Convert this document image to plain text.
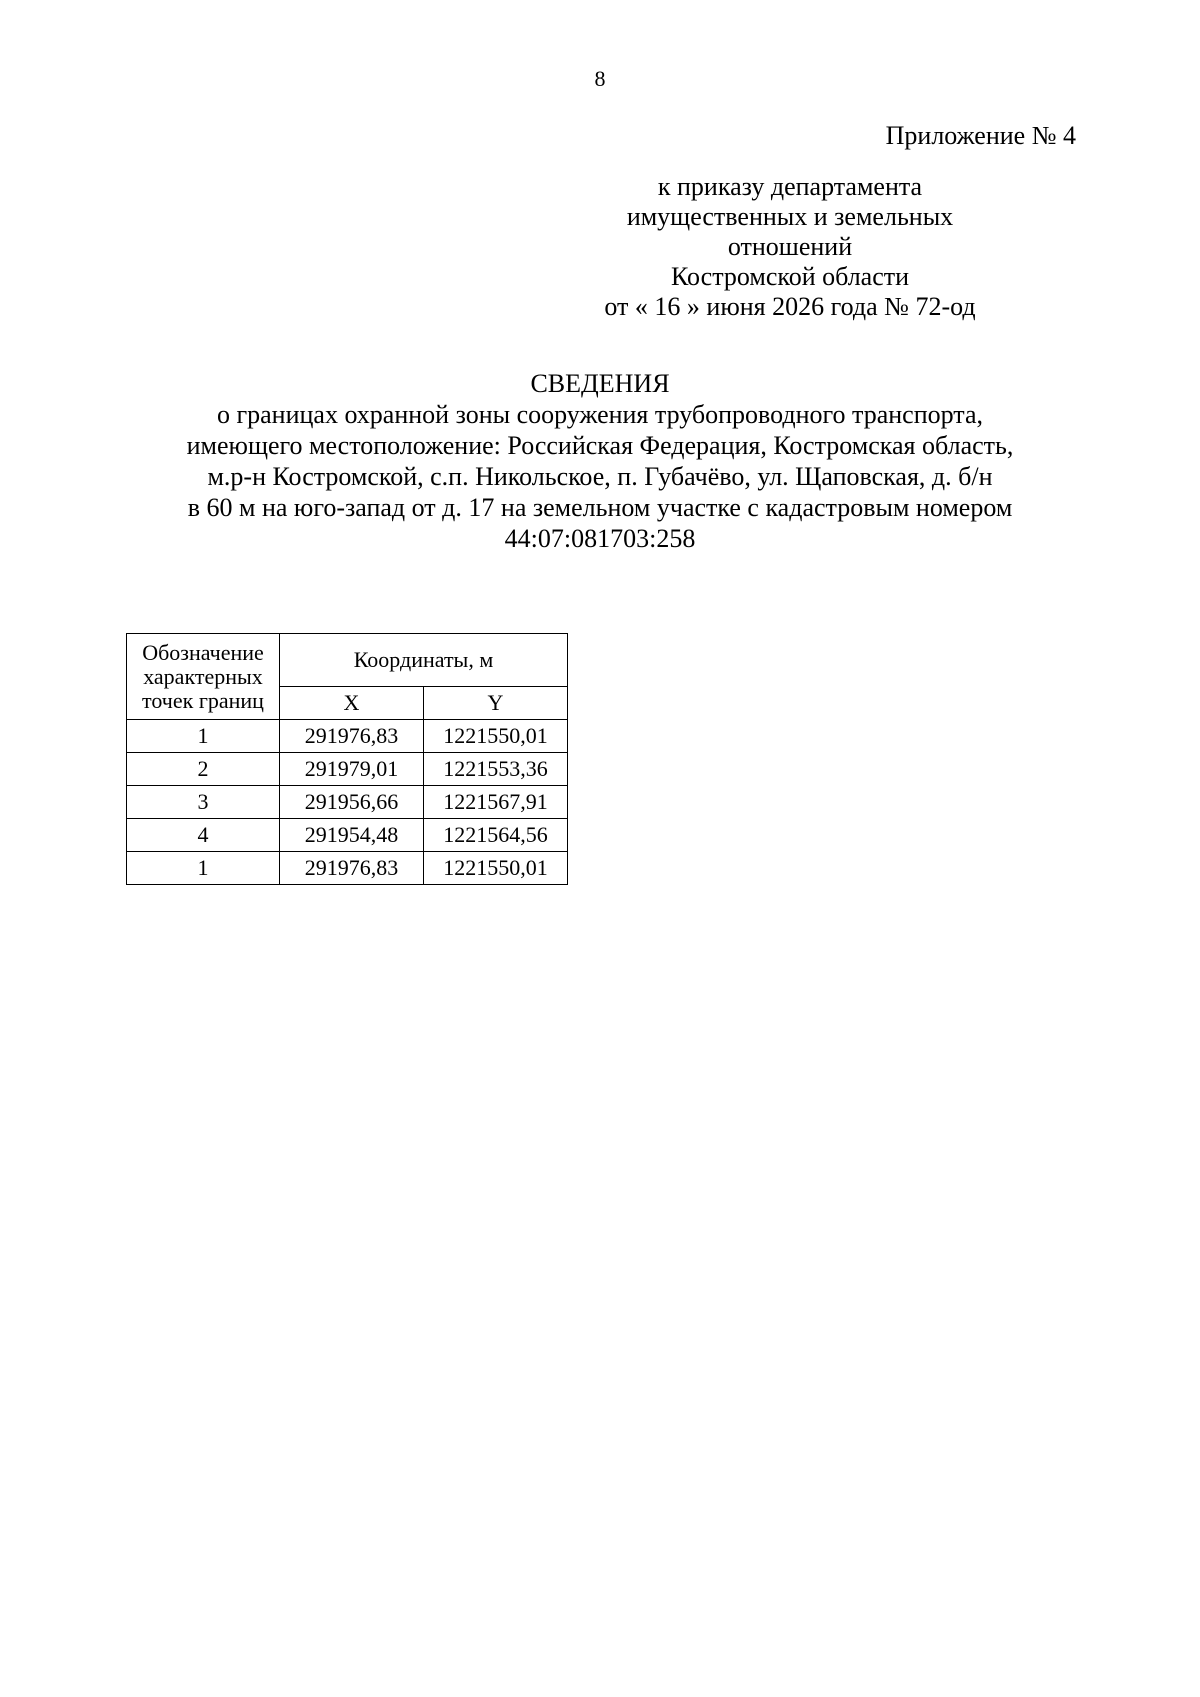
8
Приложение № 4
к приказу департамента
имущественных и земельных
отношений
Костромской области
от « 16 » июня 2026 года № 72-од
СВЕДЕНИЯ
о границах охранной зоны сооружения трубопроводного транспорта,
имеющего местоположение: Российская Федерация, Костромская область,
м.р-н Костромской, с.п. Никольское, п. Губачёво, ул. Щаповская, д. б/н
в 60 м на юго-запад от д. 17 на земельном участке с кадастровым номером
44:07:081703:258
Обозначение характерных точек границ	Координаты, м	
	X	Y
1	291976,83	1221550,01
2	291979,01	1221553,36
3	291956,66	1221567,91
4	291954,48	1221564,56
1	291976,83	1221550,01
